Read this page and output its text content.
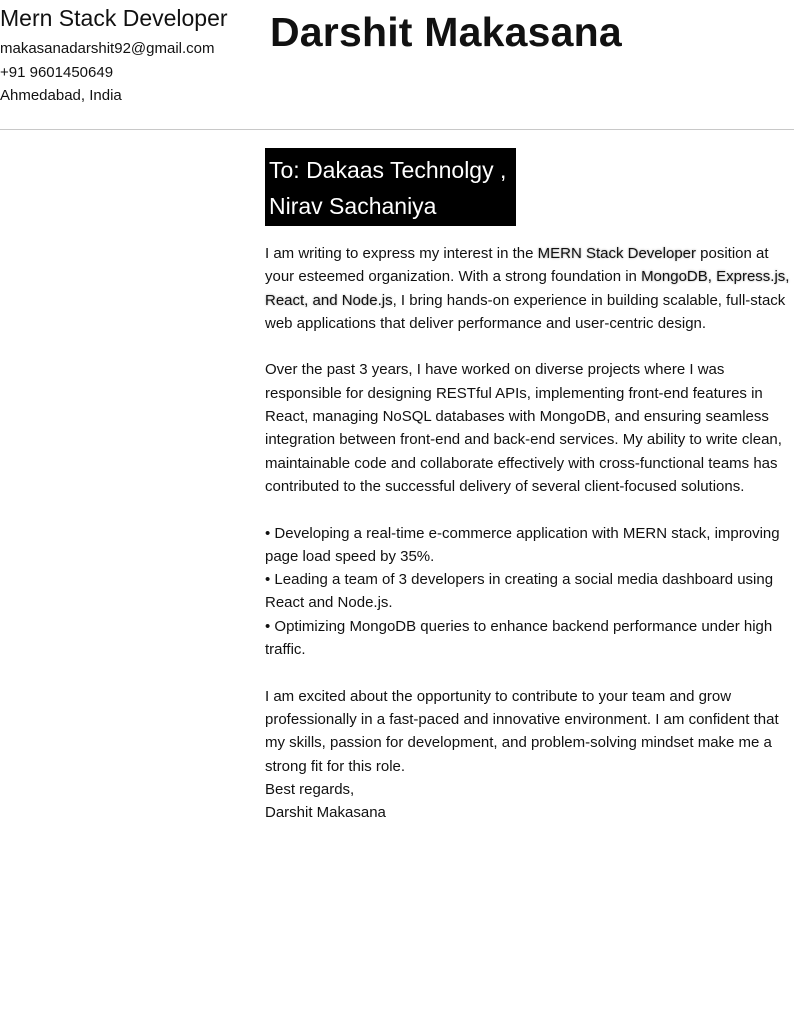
Mern Stack Developer
makasanadarshit92@gmail.com
+91 9601450649
Ahmedabad, India
Darshit Makasana
To: Dakaas Technolgy ,
Nirav Sachaniya

I am writing to express my interest in the MERN Stack Developer position at your esteemed organization. With a strong foundation in MongoDB, Express.js, React, and Node.js, I bring hands-on experience in building scalable, full-stack web applications that deliver performance and user-centric design.

Over the past 3 years, I have worked on diverse projects where I was responsible for designing RESTful APIs, implementing front-end features in React, managing NoSQL databases with MongoDB, and ensuring seamless integration between front-end and back-end services. My ability to write clean, maintainable code and collaborate effectively with cross-functional teams has contributed to the successful delivery of several client-focused solutions.

• Developing a real-time e-commerce application with MERN stack, improving page load speed by 35%.
• Leading a team of 3 developers in creating a social media dashboard using React and Node.js.
• Optimizing MongoDB queries to enhance backend performance under high traffic.

I am excited about the opportunity to contribute to your team and grow professionally in a fast-paced and innovative environment. I am confident that my skills, passion for development, and problem-solving mindset make me a strong fit for this role.
Best regards,
Darshit Makasana
